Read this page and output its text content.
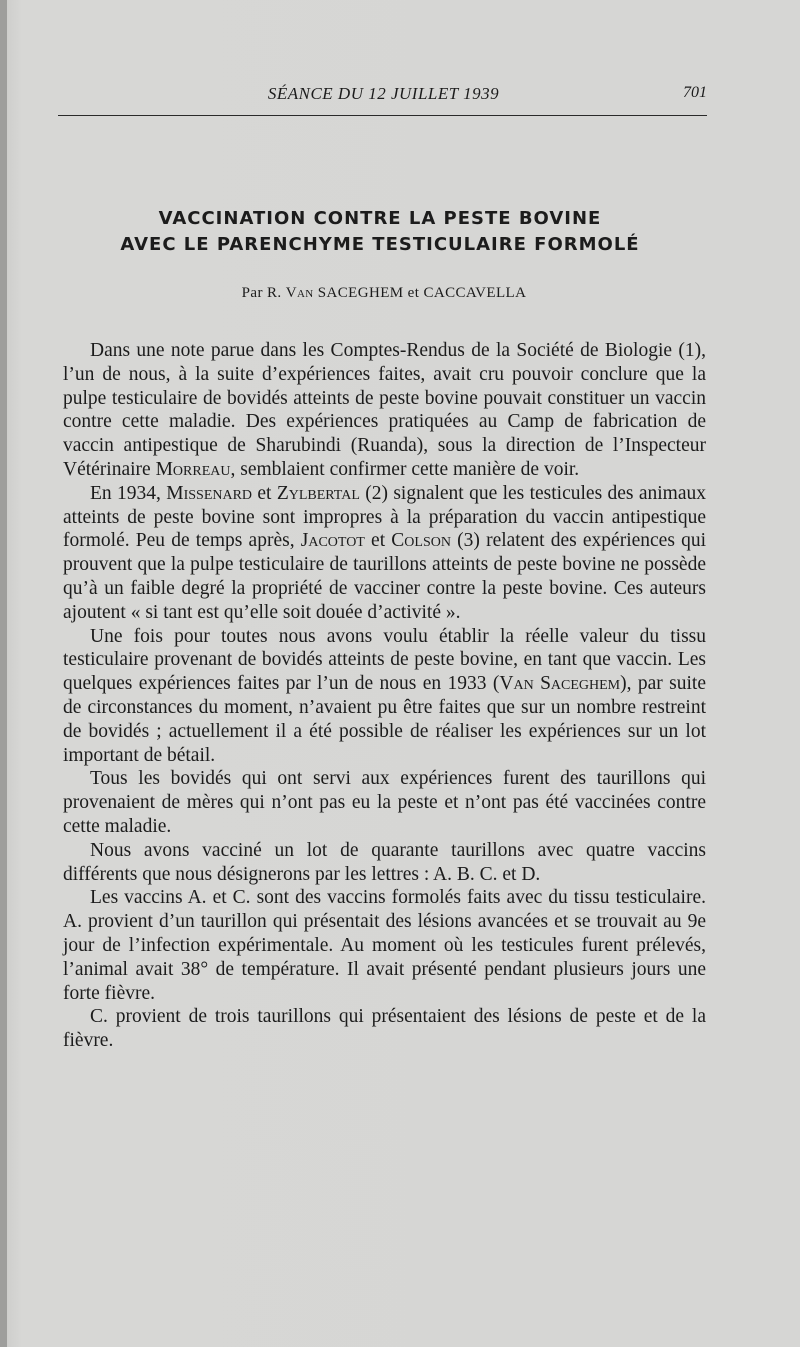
SÉANCE DU 12 JUILLET 1939	701
VACCINATION CONTRE LA PESTE BOVINE
AVEC LE PARENCHYME TESTICULAIRE FORMOLÉ
Par R. Van SACEGHEM et CACCAVELLA

Dans une note parue dans les Comptes-Rendus de la Société de Biologie (1), l’un de nous, à la suite d’expériences faites, avait cru pouvoir conclure que la pulpe testiculaire de bovidés atteints de peste bovine pouvait constituer un vaccin contre cette maladie. Des expériences pratiquées au Camp de fabrication de vaccin antipestique de Sharubindi (Ruanda), sous la direction de l’Inspecteur Vétérinaire Morreau, semblaient confirmer cette manière de voir.

En 1934, Missenard et Zylbertal (2) signalent que les testicules des animaux atteints de peste bovine sont impropres à la préparation du vaccin antipestique formolé. Peu de temps après, Jacotot et Colson (3) relatent des expériences qui prouvent que la pulpe testiculaire de taurillons atteints de peste bovine ne possède qu’à un faible degré la propriété de vacciner contre la peste bovine. Ces auteurs ajoutent « si tant est qu’elle soit douée d’activité ».

Une fois pour toutes nous avons voulu établir la réelle valeur du tissu testiculaire provenant de bovidés atteints de peste bovine, en tant que vaccin. Les quelques expériences faites par l’un de nous en 1933 (Van Saceghem), par suite de circonstances du moment, n’avaient pu être faites que sur un nombre restreint de bovidés ; actuellement il a été possible de réaliser les expériences sur un lot important de bétail.

Tous les bovidés qui ont servi aux expériences furent des taurillons qui provenaient de mères qui n’ont pas eu la peste et n’ont pas été vaccinées contre cette maladie.

Nous avons vacciné un lot de quarante taurillons avec quatre vaccins différents que nous désignerons par les lettres : A. B. C. et D.

Les vaccins A. et C. sont des vaccins formolés faits avec du tissu testiculaire. A. provient d’un taurillon qui présentait des lésions avancées et se trouvait au 9e jour de l’infection expérimentale. Au moment où les testicules furent prélevés, l’animal avait 38° de température. Il avait présenté pendant plusieurs jours une forte fièvre.

C. provient de trois taurillons qui présentaient des lésions de peste et de la fièvre.
